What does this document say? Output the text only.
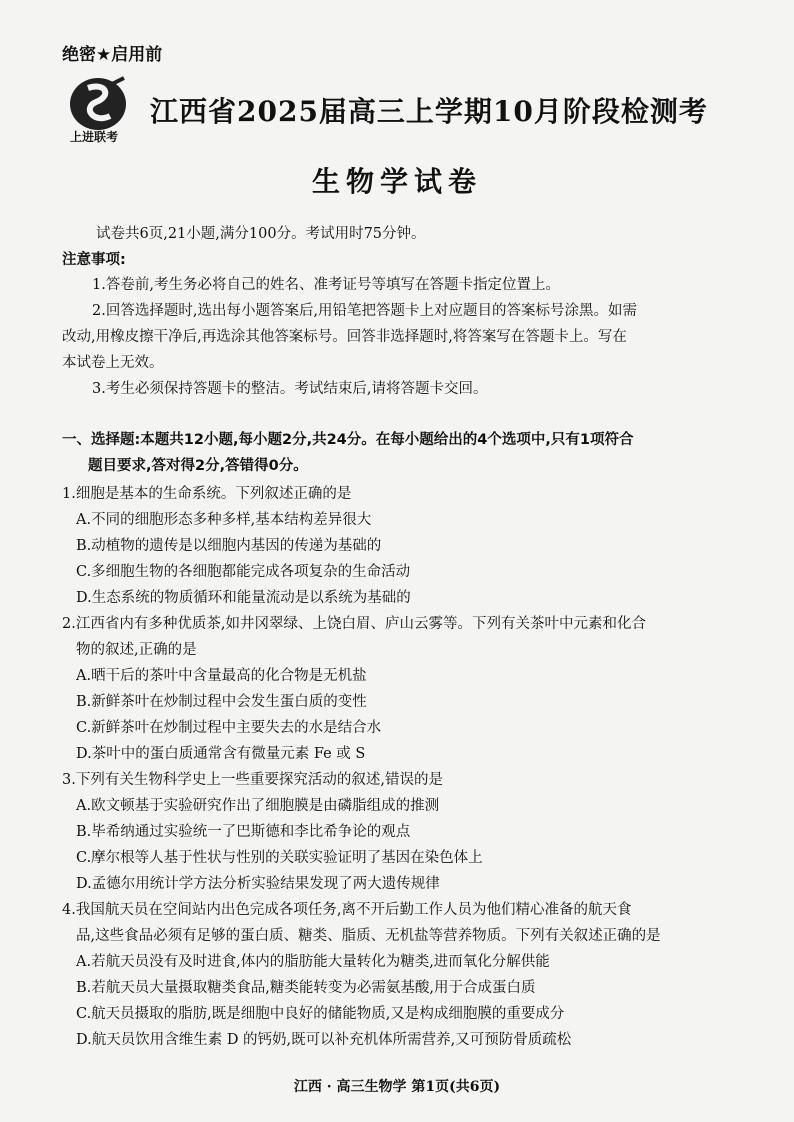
绝密★启用前
上进联考
江西省2025届高三上学期10月阶段检测考
生物学试卷
试卷共6页,21小题,满分100分。考试用时75分钟。
注意事项:
1.答卷前,考生务必将自己的姓名、准考证号等填写在答题卡指定位置上。
2.回答选择题时,选出每小题答案后,用铅笔把答题卡上对应题目的答案标号涂黑。如需
改动,用橡皮擦干净后,再选涂其他答案标号。回答非选择题时,将答案写在答题卡上。写在
本试卷上无效。
3.考生必须保持答题卡的整洁。考试结束后,请将答题卡交回。
一、选择题:本题共12小题,每小题2分,共24分。在每小题给出的4个选项中,只有1项符合
题目要求,答对得2分,答错得0分。
1.细胞是基本的生命系统。下列叙述正确的是
A.不同的细胞形态多种多样,基本结构差异很大
B.动植物的遗传是以细胞内基因的传递为基础的
C.多细胞生物的各细胞都能完成各项复杂的生命活动
D.生态系统的物质循环和能量流动是以系统为基础的
2.江西省内有多种优质茶,如井冈翠绿、上饶白眉、庐山云雾等。下列有关茶叶中元素和化合
物的叙述,正确的是
A.晒干后的茶叶中含量最高的化合物是无机盐
B.新鲜茶叶在炒制过程中会发生蛋白质的变性
C.新鲜茶叶在炒制过程中主要失去的水是结合水
D.茶叶中的蛋白质通常含有微量元素 Fe 或 S
3.下列有关生物科学史上一些重要探究活动的叙述,错误的是
A.欧文顿基于实验研究作出了细胞膜是由磷脂组成的推测
B.毕希纳通过实验统一了巴斯德和李比希争论的观点
C.摩尔根等人基于性状与性别的关联实验证明了基因在染色体上
D.孟德尔用统计学方法分析实验结果发现了两大遗传规律
4.我国航天员在空间站内出色完成各项任务,离不开后勤工作人员为他们精心准备的航天食
品,这些食品必须有足够的蛋白质、糖类、脂质、无机盐等营养物质。下列有关叙述正确的是
A.若航天员没有及时进食,体内的脂肪能大量转化为糖类,进而氧化分解供能
B.若航天员大量摄取糖类食品,糖类能转变为必需氨基酸,用于合成蛋白质
C.航天员摄取的脂肪,既是细胞中良好的储能物质,又是构成细胞膜的重要成分
D.航天员饮用含维生素 D 的钙奶,既可以补充机体所需营养,又可预防骨质疏松
江西 · 高三生物学 第1页(共6页)
